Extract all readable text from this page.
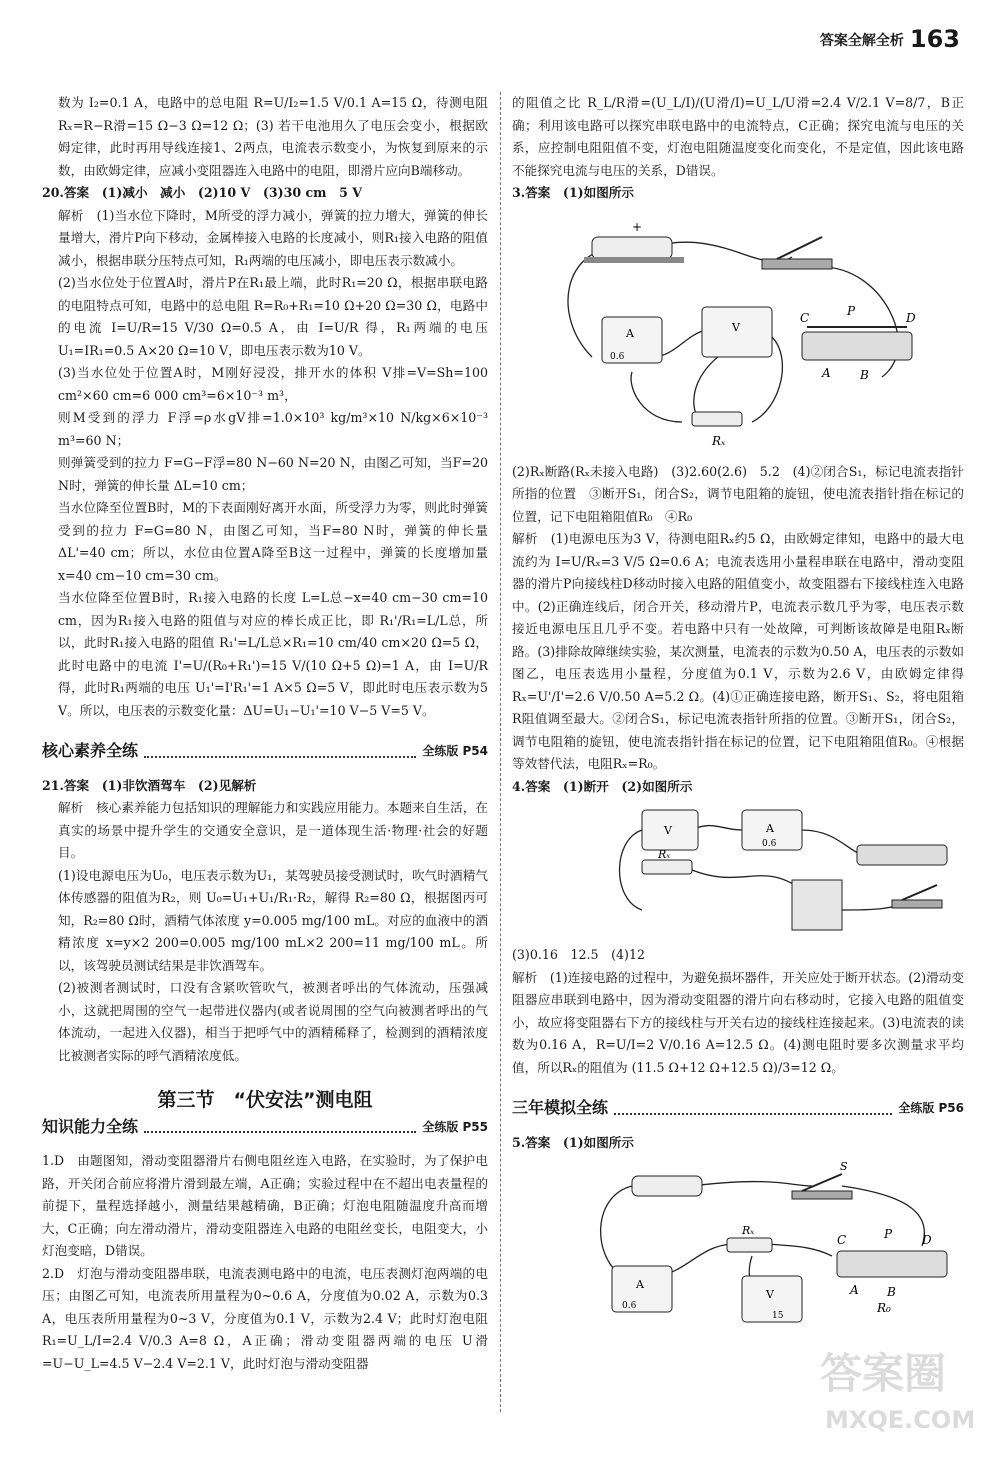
答案全解全析 163

数为 I₂=0.1 A，电路中的总电阻 R=U/I₂=1.5 V/0.1 A=15 Ω，待测电阻 Rₓ=R−R滑=15 Ω−3 Ω=12 Ω；(3) 若干电池用久了电压会变小，根据欧姆定律，此时再用导线连接1、2两点，电流表示数变小，为恢复到原来的示数，由欧姆定律，应减小变阻器连入电路中的电阻，即滑片应向B端移动。

20.答案　(1)减小　减小　(2)10 V　(3)30 cm　5 V

解析　(1)当水位下降时，M所受的浮力减小，弹簧的拉力增大，弹簧的伸长量增大，滑片P向下移动，金属棒接入电路的长度减小，则R₁接入电路的阻值减小，根据串联分压特点可知，R₁两端的电压减小，即电压表示数减小。

(2)当水位处于位置A时，滑片P在R₁最上端，此时R₁=20 Ω，根据串联电路的电阻特点可知，电路中的总电阻 R=R₀+R₁=10 Ω+20 Ω=30 Ω，电路中的电流 I=U/R=15 V/30 Ω=0.5 A，由 I=U/R 得，R₁两端的电压 U₁=IR₁=0.5 A×20 Ω=10 V，即电压表示数为10 V。

(3)当水位处于位置A时，M刚好浸没，排开水的体积 V排=V=Sh=100 cm²×60 cm=6 000 cm³=6×10⁻³ m³，

则M受到的浮力 F浮=ρ水gV排=1.0×10³ kg/m³×10 N/kg×6×10⁻³ m³=60 N；

则弹簧受到的拉力 F=G−F浮=80 N−60 N=20 N，由图乙可知，当F=20 N时，弹簧的伸长量 ΔL=10 cm；

当水位降至位置B时，M的下表面刚好离开水面，所受浮力为零，则此时弹簧受到的拉力 F=G=80 N，由图乙可知，当F=80 N时，弹簧的伸长量 ΔL'=40 cm；所以，水位由位置A降至B这一过程中，弹簧的长度增加量 x=40 cm−10 cm=30 cm。

当水位降至位置B时，R₁接入电路的长度 L=L总−x=40 cm−30 cm=10 cm，因为R₁接入电路的阻值与对应的棒长成正比，即 R₁'/R₁=L/L总，所以，此时R₁接入电路的阻值 R₁'=L/L总×R₁=10 cm/40 cm×20 Ω=5 Ω，此时电路中的电流 I'=U/(R₀+R₁')=15 V/(10 Ω+5 Ω)=1 A，由 I=U/R 得，此时R₁两端的电压 U₁'=I'R₁'=1 A×5 Ω=5 V，即此时电压表示数为5 V。所以，电压表的示数变化量：ΔU=U₁−U₁'=10 V−5 V=5 V。

核心素养全练	全练版 P54

21.答案　(1)非饮酒驾车　(2)见解析

解析　核心素养能力包括知识的理解能力和实践应用能力。本题来自生活，在真实的场景中提升学生的交通安全意识，是一道体现生活·物理·社会的好题目。

(1)设电源电压为U₀，电压表示数为U₁，某驾驶员接受测试时，吹气时酒精气体传感器的阻值为R₂，则 U₀=U₁+U₁/R₁·R₂，解得 R₂=80 Ω，根据图丙可知，R₂=80 Ω时，酒精气体浓度 y=0.005 mg/100 mL。对应的血液中的酒精浓度 x=y×2 200=0.005 mg/100 mL×2 200=11 mg/100 mL。所以，该驾驶员测试结果是非饮酒驾车。

(2)被测者测试时，口没有含紧吹管吹气，被测者呼出的气体流动，压强减小，这就把周围的空气一起带进仪器内(或者说周围的空气向被测者呼出的气体流动，一起进入仪器)，相当于把呼气中的酒精稀释了，检测到的酒精浓度比被测者实际的呼气酒精浓度低。

第三节　“伏安法”测电阻
知识能力全练	全练版 P55

1.D　由题图知，滑动变阻器滑片右侧电阻丝连入电路，在实验时，为了保护电路，开关闭合前应将滑片滑到最左端，A正确；实验过程中在不超出电表量程的前提下，量程选择越小，测量结果越精确，B正确；灯泡电阻随温度升高而增大，C正确；向左滑动滑片，滑动变阻器连入电路的电阻丝变长，电阻变大，小灯泡变暗，D错误。

2.D　灯泡与滑动变阻器串联，电流表测电路中的电流，电压表测灯泡两端的电压；由图乙可知，电流表所用量程为0~0.6 A，分度值为0.02 A，示数为0.3 A，电压表所用量程为0~3 V，分度值为0.1 V，示数为2.4 V；此时灯泡电阻 R₁=U_L/I=2.4 V/0.3 A=8 Ω，A正确；滑动变阻器两端的电压 U滑=U−U_L=4.5 V−2.4 V=2.1 V，此时灯泡与滑动变阻器

的阻值之比 R_L/R滑=(U_L/I)/(U滑/I)=U_L/U滑=2.4 V/2.1 V=8/7，B正确；利用该电路可以探究串联电路中的电流特点，C正确；探究电流与电压的关系，应控制电阻阻值不变，灯泡电阻随温度变化而变化，不是定值，因此该电路不能探究电流与电压的关系，D错误。

3.答案　(1)如图所示

+
A
0.6
V
C	D
P
A B
Rₓ

(2)Rₓ断路(Rₓ未接入电路)　(3)2.60(2.6)　5.2　(4)②闭合S₁，标记电流表指针所指的位置　③断开S₁，闭合S₂，调节电阻箱的旋钮，使电流表指针指在标记的位置，记下电阻箱阻值R₀　④R₀

解析　(1)电源电压为3 V，待测电阻Rₓ约5 Ω，由欧姆定律知，电路中的最大电流约为 I=U/Rₓ=3 V/5 Ω=0.6 A；电流表选用小量程串联在电路中，滑动变阻器的滑片P向接线柱D移动时接入电路的阻值变小，故变阻器右下接线柱连入电路中。(2)正确连线后，闭合开关，移动滑片P，电流表示数几乎为零，电压表示数接近电源电压且几乎不变。若电路中只有一处故障，可判断该故障是电阻Rₓ断路。(3)排除故障继续实验，某次测量，电流表的示数为0.50 A，电压表的示数如图乙，电压表选用小量程，分度值为0.1 V，示数为2.6 V，由欧姆定律得 Rₓ=U'/I'=2.6 V/0.50 A=5.2 Ω。(4)①正确连接电路，断开S₁、S₂，将电阻箱R阻值调至最大。②闭合S₁，标记电流表指针所指的位置。③断开S₁，闭合S₂，调节电阻箱的旋钮，使电流表指针指在标记的位置，记下电阻箱阻值R₀。④根据等效替代法，电阻Rₓ=R₀。

4.答案　(1)断开　(2)如图所示

V	A
0.6
Rₓ

(3)0.16　12.5　(4)12

解析　(1)连接电路的过程中，为避免损坏器件，开关应处于断开状态。(2)滑动变阻器应串联到电路中，因为滑动变阻器的滑片向右移动时，它接入电路的阻值变小，故应将变阻器右下方的接线柱与开关右边的接线柱连接起来。(3)电流表的读数为0.16 A，R=U/I=2 V/0.16 A=12.5 Ω。(4)测电阻时要多次测量求平均值，所以Rₓ的阻值为 (11.5 Ω+12 Ω+12.5 Ω)/3=12 Ω。

三年模拟全练	全练版 P56

5.答案　(1)如图所示

S
Rₓ
C	D
P
A B
R₀
A
0.6
V
15
答案圈
MXQE.COM
